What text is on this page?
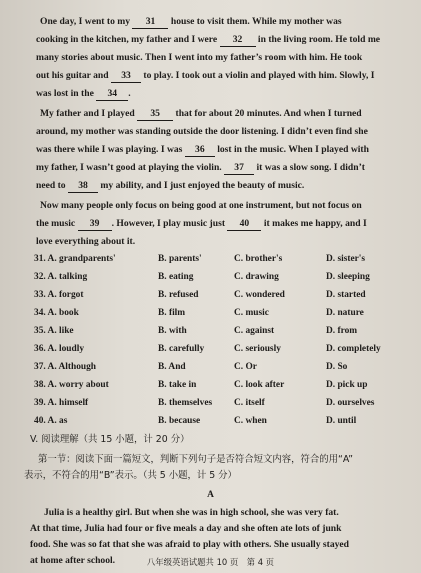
One day, I went to my 31 house to visit them. While my mother was
cooking in the kitchen, my father and I were 32 in the living room. He told me
many stories about music. Then I went into my father’s room with him. He took
out his guitar and 33 to play. I took out a violin and played with him. Slowly, I
was lost in the 34 .
My father and I played 35 that for about 20 minutes. And when I turned
around, my mother was standing outside the door listening. I didn’t even find she
was there while I was playing. I was 36 lost in the music. When I played with
my father, I wasn’t good at playing the violin. 37 it was a slow song. I didn’t
need to 38 my ability, and I just enjoyed the beauty of music.
Now many people only focus on being good at one instrument, but not focus on
the music 39 . However, I play music just 40 it makes me happy, and I
love everything about it.
31. A. grandparents'	B. parents'	C. brother's	D. sister's
32. A. talking	B. eating	C. drawing	D. sleeping
33. A. forgot	B. refused	C. wondered	D. started
34. A. book	B. film	C. music	D. nature
35. A. like	B. with	C. against	D. from
36. A. loudly	B. carefully	C. seriously	D. completely
37. A. Although	B. And	C. Or	D. So
38. A. worry about	B. take in	C. look after	D. pick up
39. A. himself	B. themselves C. itself	D. ourselves
40. A. as	B. because	C. when	D. until
V. 阅读理解（共 15 小题，计 20 分）
第一节：阅读下面一篇短文，判断下列句子是否符合短文内容，符合的用“A”
表示，不符合的用“B”表示。（共 5 小题，计 5 分）
A
Julia is a healthy girl. But when she was in high school, she was very fat.
At that time, Julia had four or five meals a day and she often ate lots of junk
food. She was so fat that she was afraid to play with others. She usually stayed
at home after school.	八年级英语试题共 10 页　第 4 页
